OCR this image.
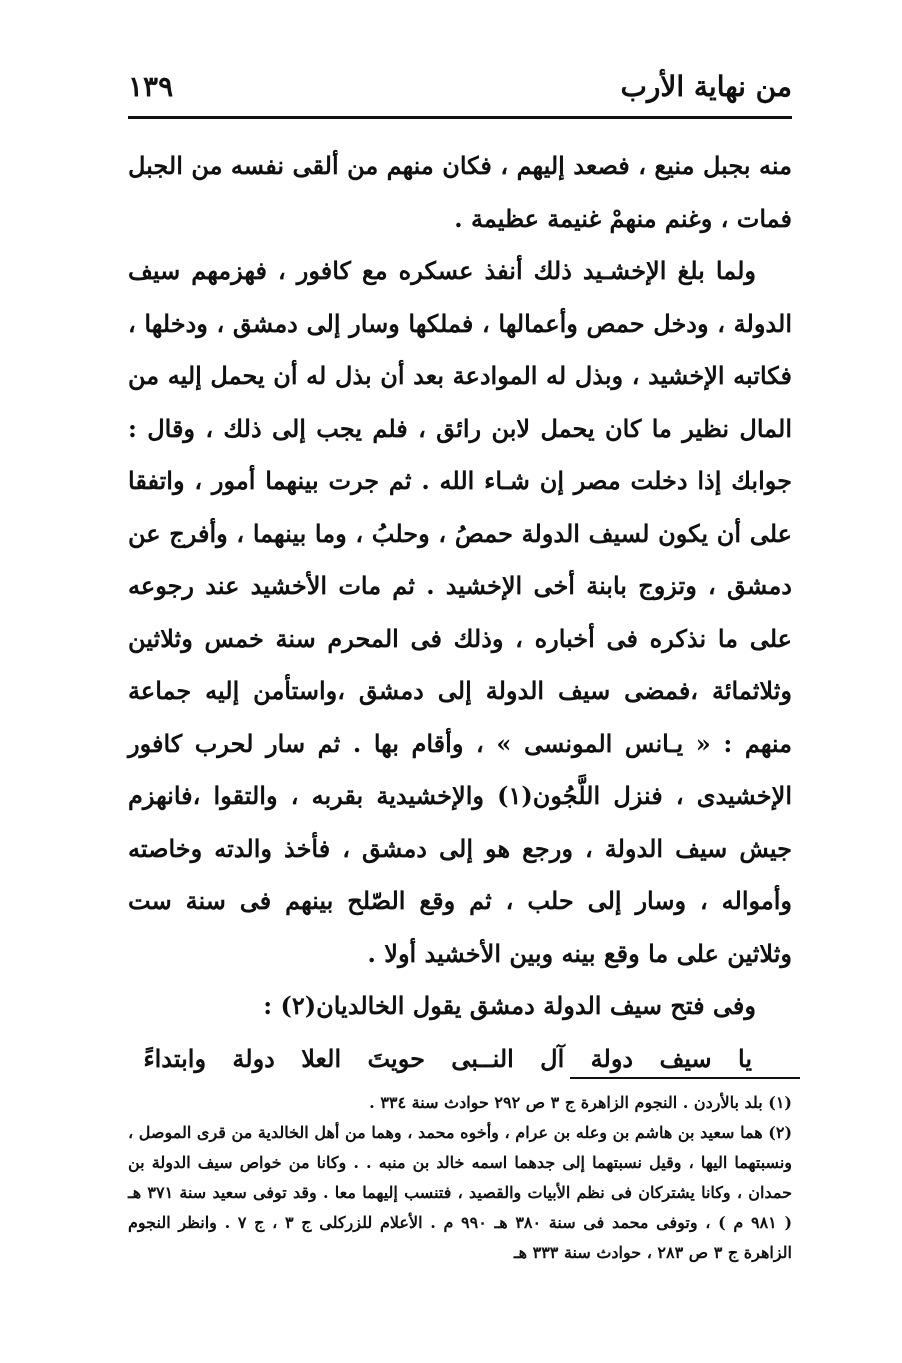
من نهاية الأرب
١٣٩

منه بجبل منيع ، فصعد إليهم ، فكان منهم من ألقى نفسه من الجبل فمات ، وغنم منهمْ غنيمة عظيمة .

ولما بلغ الإخشـيد ذلك أنفذ عسكره مع كافور ، فهزمهم سيف الدولة ، ودخل حمص وأعمالها ، فملكها وسار إلى دمشق ، ودخلها ، فكاتبه الإخشيد ، وبذل له الموادعة بعد أن بذل له أن يحمل إليه من المال نظير ما كان يحمل لابن رائق ، فلم يجب إلى ذلك ، وقال : جوابك إذا دخلت مصر إن شـاء الله . ثم جرت بينهما أمور ، واتفقا على أن يكون لسيف الدولة حمصُ ، وحلبُ ، وما بينهما ، وأفرج عن دمشق ، وتزوج بابنة أخى الإخشيد . ثم مات الأخشيد عند رجوعه على ما نذكره فى أخباره ، وذلك فى المحرم سنة خمس وثلاثين وثلاثمائة ،فمضى سيف الدولة إلى دمشق ،واستأمن إليه جماعة منهم : « يـانس المونسى » ، وأقام بها . ثم سار لحرب كافور الإخشيدى ، فنزل اللَّجُون(١) والإخشيدية بقربه ، والتقوا ،فانهزم جيش سيف الدولة ، ورجع هو إلى دمشق ، فأخذ والدته وخاصته وأمواله ، وسار إلى حلب ، ثم وقع الصّلح بينهم فى سنة ست وثلاثين على ما وقع بينه وبين الأخشيد أولا .

وفى فتح سيف الدولة دمشق يقول الخالديان(٢) :

يا سيف دولة آل النــبى حويتَ العلا دولة وابتداءً

(١) بلد بالأردن . النجوم الزاهرة ج ٣ ص ٢٩٢ حوادث سنة ٣٣٤ .

(٢) هما سعيد بن هاشم بن وعله بن عرام ، وأخوه محمد ، وهما من أهل الخالدية من قرى الموصل ، ونسبتهما اليها ، وقيل نسبتهما إلى جدهما اسمه خالد بن منبه . . وكانا من خواص سيف الدولة بن حمدان ، وكانا يشتركان فى نظم الأبيات والقصيد ، فتنسب إليهما معا . وقد توفى سعيد سنة ٣٧١ هـ ( ٩٨١ م ) ، وتوفى محمد فى سنة ٣٨٠ هـ ٩٩٠ م . الأعلام للزركلى ج ٣ ، ج ٧ . وانظر النجوم الزاهرة ج ٣ ص ٢٨٣ ، حوادث سنة ٣٣٣ هـ
